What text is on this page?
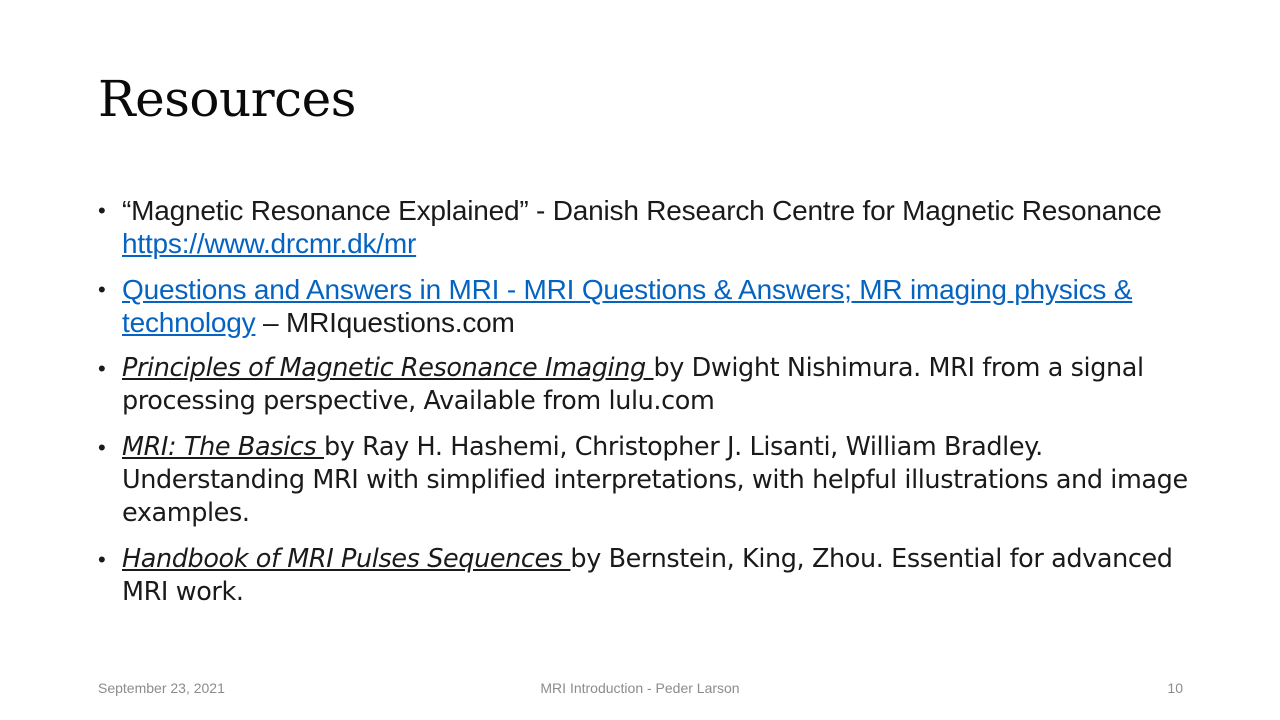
Resources
• “Magnetic Resonance Explained” - Danish Research Centre for Magnetic Resonance https://www.drcmr.dk/mr
• Questions and Answers in MRI - MRI Questions & Answers; MR imaging physics & technology – MRIquestions.com
• Principles of Magnetic Resonance Imaging by Dwight Nishimura. MRI from a signal processing perspective, Available from lulu.com
• MRI: The Basics by Ray H. Hashemi, Christopher J. Lisanti, William Bradley. Understanding MRI with simplified interpretations, with helpful illustrations and image examples.
• Handbook of MRI Pulses Sequences by Bernstein, King, Zhou. Essential for advanced MRI work.
September 23, 2021	MRI Introduction - Peder Larson	10
